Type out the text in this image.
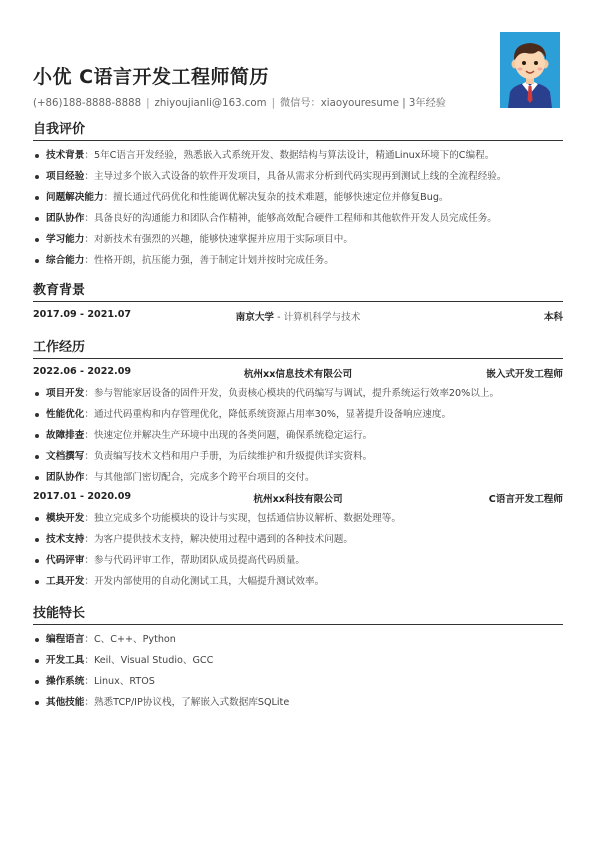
小优 C语言开发工程师简历
(+86)188-8888-8888 | zhiyoujianli@163.com | 微信号：xiaoyouresume | 3年经验
自我评价
技术背景：5年C语言开发经验，熟悉嵌入式系统开发、数据结构与算法设计，精通Linux环境下的C编程。
项目经验：主导过多个嵌入式设备的软件开发项目，具备从需求分析到代码实现再到测试上线的全流程经验。
问题解决能力：擅长通过代码优化和性能调优解决复杂的技术难题，能够快速定位并修复Bug。
团队协作：具备良好的沟通能力和团队合作精神，能够高效配合硬件工程师和其他软件开发人员完成任务。
学习能力：对新技术有强烈的兴趣，能够快速掌握并应用于实际项目中。
综合能力：性格开朗，抗压能力强，善于制定计划并按时完成任务。
教育背景
2017.09 - 2021.07	南京大学 - 计算机科学与技术	本科
工作经历
2022.06 - 2022.09	杭州xx信息技术有限公司	嵌入式开发工程师
项目开发：参与智能家居设备的固件开发，负责核心模块的代码编写与调试，提升系统运行效率20%以上。
性能优化：通过代码重构和内存管理优化，降低系统资源占用率30%，显著提升设备响应速度。
故障排查：快速定位并解决生产环境中出现的各类问题，确保系统稳定运行。
文档撰写：负责编写技术文档和用户手册，为后续维护和升级提供详实资料。
团队协作：与其他部门密切配合，完成多个跨平台项目的交付。
2017.01 - 2020.09	杭州xx科技有限公司	C语言开发工程师
模块开发：独立完成多个功能模块的设计与实现，包括通信协议解析、数据处理等。
技术支持：为客户提供技术支持，解决使用过程中遇到的各种技术问题。
代码评审：参与代码评审工作，帮助团队成员提高代码质量。
工具开发：开发内部使用的自动化测试工具，大幅提升测试效率。
技能特长
编程语言：C、C++、Python
开发工具：Keil、Visual Studio、GCC
操作系统：Linux、RTOS
其他技能：熟悉TCP/IP协议栈，了解嵌入式数据库SQLite
